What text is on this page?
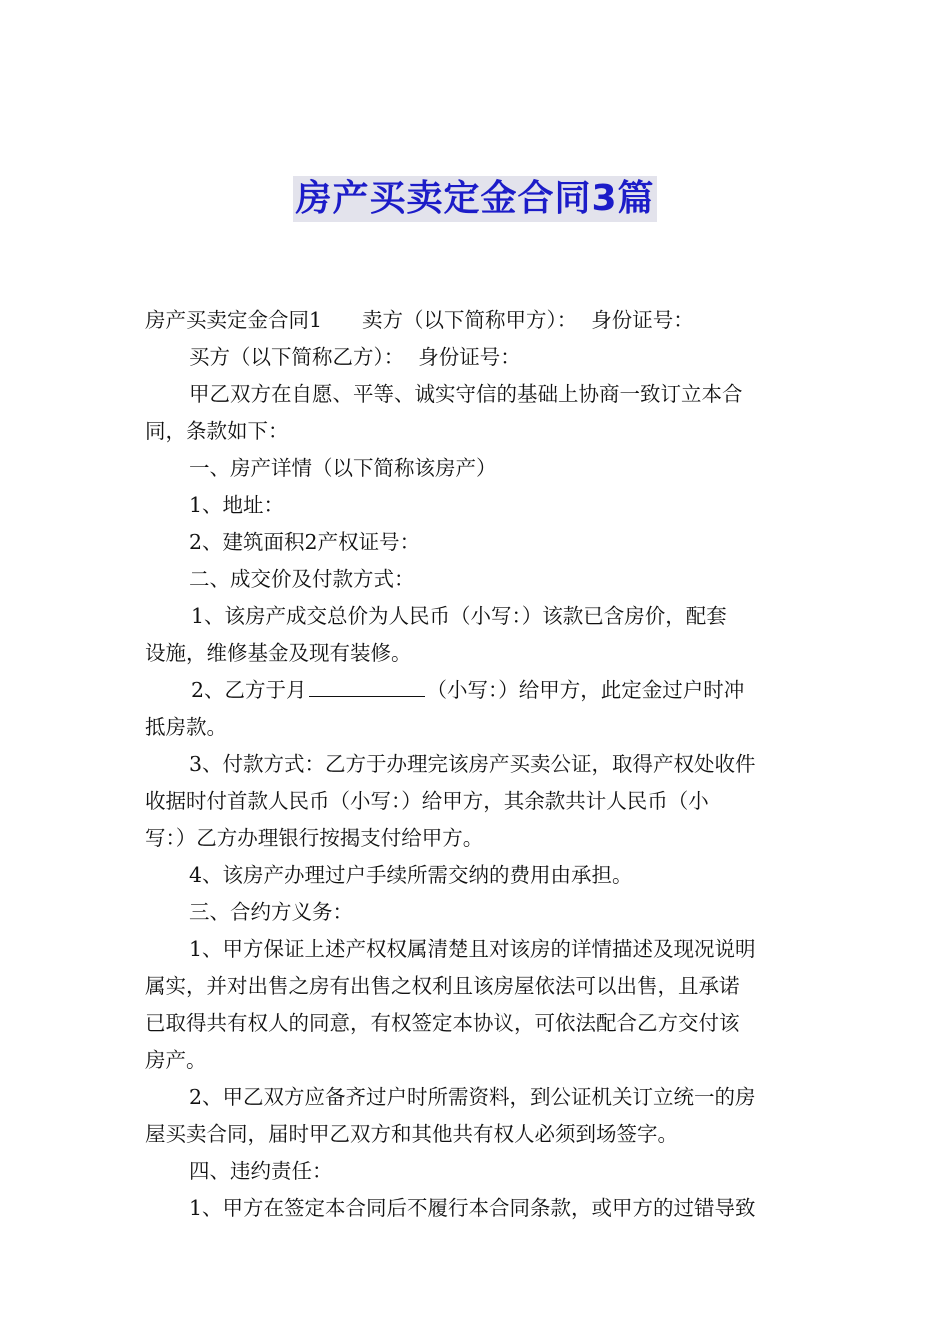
房产买卖定金合同3篇

房产买卖定金合同1 卖方（以下简称甲方）： 身份证号：

买方（以下简称乙方）： 身份证号：

甲乙双方在自愿、平等、诚实守信的基础上协商一致订立本合

同，条款如下：

一、房产详情（以下简称该房产）

1、地址：

2、建筑面积2产权证号：

二、成交价及付款方式：

1、该房产成交总价为人民币（小写：）该款已含房价，配套

设施，维修基金及现有装修。

2、乙方于月	（小写：）给甲方，此定金过户时冲

抵房款。

3、付款方式：乙方于办理完该房产买卖公证，取得产权处收件

收据时付首款人民币（小写：）给甲方，其余款共计人民币（小

写：）乙方办理银行按揭支付给甲方。

4、该房产办理过户手续所需交纳的费用由承担。

三、合约方义务：

1、甲方保证上述产权权属清楚且对该房的详情描述及现况说明

属实，并对出售之房有出售之权利且该房屋依法可以出售，且承诺

已取得共有权人的同意，有权签定本协议，可依法配合乙方交付该

房产。

2、甲乙双方应备齐过户时所需资料，到公证机关订立统一的房

屋买卖合同，届时甲乙双方和其他共有权人必须到场签字。

四、违约责任：

1、甲方在签定本合同后不履行本合同条款，或甲方的过错导致
